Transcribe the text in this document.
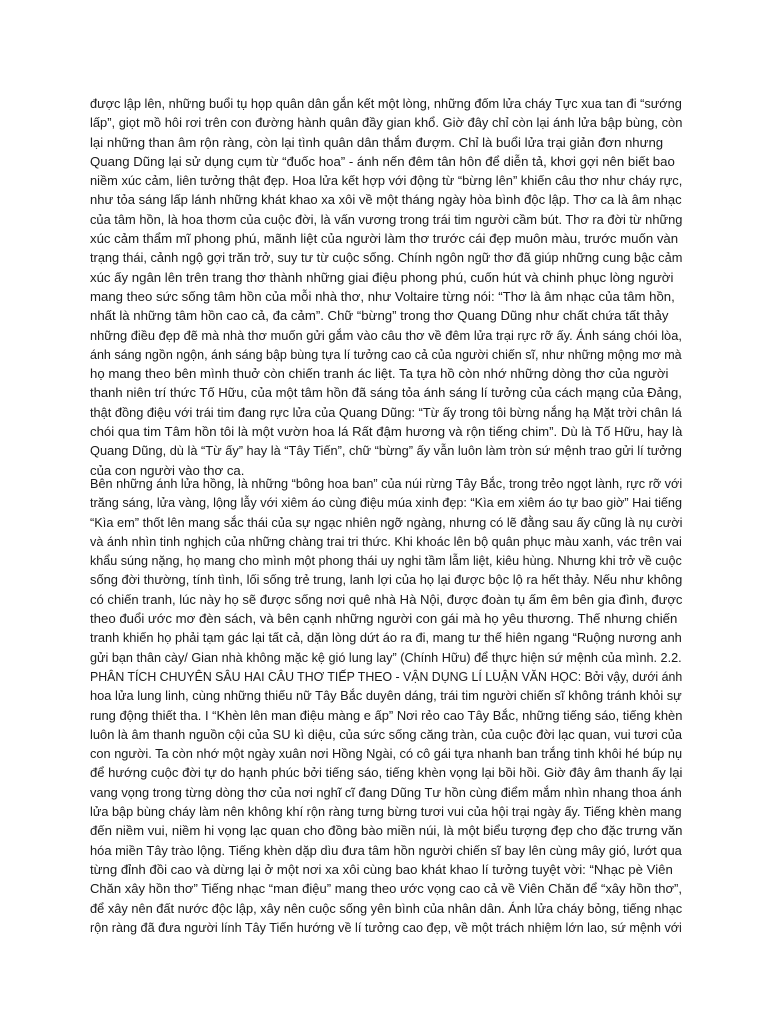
được lập lên, những buổi tụ họp quân dân gắn kết một lòng, những đốm lửa cháy Tực xua tan đi “sướng
lấp”, giọt mồ hôi rơi trên con đường hành quân đầy gian khổ. Giờ đây chỉ còn lại ánh lửa bập bùng, còn
lại những than âm rộn ràng, còn lại tình quân dân thắm đượm. Chỉ là buổi lửa trại giản đơn nhưng
Quang Dũng lại sử dụng cụm từ “đuốc hoa” - ánh nến đêm tân hôn để diễn tả, khơi gợi nên biết bao
niềm xúc cảm, liên tưởng thật đẹp. Hoa lửa kết hợp với động từ “bừng lên” khiến câu thơ như cháy rực,
như tỏa sáng lấp lánh những khát khao xa xôi về một tháng ngày hòa bình độc lập. Thơ ca là âm nhạc
của tâm hồn, là hoa thơm của cuộc đời, là vấn vương trong trái tim người cầm bút. Thơ ra đời từ những
xúc cảm thẩm mĩ phong phú, mãnh liệt của người làm thơ trước cái đẹp muôn màu, trước muốn vàn
trạng thái, cảnh ngộ gợi trăn trở, suy tư từ cuộc sống. Chính ngôn ngữ thơ đã giúp những cung bậc cảm
xúc ấy ngân lên trên trang thơ thành những giai điệu phong phú, cuốn hút và chinh phục lòng người
mang theo sức sống tâm hồn của mỗi nhà thơ, như Voltaire từng nói: “Thơ là âm nhạc của tâm hồn,
nhất là những tâm hồn cao cả, đa cảm”. Chữ “bừng” trong thơ Quang Dũng như chất chứa tất thảy
những điều đẹp đẽ mà nhà thơ muốn gửi gắm vào câu thơ về đêm lửa trại rực rỡ ấy. Ánh sáng chói lòa,
ánh sáng ngồn ngộn, ánh sáng bập bùng tựa lí tưởng cao cả của người chiến sĩ, như những mộng mơ mà
họ mang theo bên mình thuở còn chiến tranh ác liệt. Ta tựa hồ còn nhớ những dòng thơ của người
thanh niên trí thức Tố Hữu, của một tâm hồn đã sáng tỏa ánh sáng lí tưởng của cách mạng của Đảng,
thật đồng điệu với trái tim đang rực lửa của Quang Dũng: “Từ ấy trong tôi bừng nắng hạ Mặt trời chân lá
chói qua tim Tâm hồn tôi là một vườn hoa lá Rất đậm hương và rộn tiếng chim”. Dù là Tố Hữu, hay là
Quang Dũng, dù là “Từ ấy” hay là “Tây Tiến”, chữ “bừng” ấy vẫn luôn làm tròn sứ mệnh trao gửi lí tưởng
của con người vào thơ ca.
Bên những ánh lửa hồng, là những “bông hoa ban” của núi rừng Tây Bắc, trong trẻo ngọt lành, rực rỡ với
trăng sáng, lửa vàng, lộng lẫy với xiêm áo cùng điệu múa xinh đẹp: “Kìa em xiêm áo tự bao giờ” Hai tiếng
“Kìa em” thốt lên mang sắc thái của sự ngạc nhiên ngỡ ngàng, nhưng có lẽ đằng sau ấy cũng là nụ cười
và ánh nhìn tinh nghịch của những chàng trai tri thức. Khi khoác lên bộ quân phục màu xanh, vác trên vai
khẩu súng nặng, họ mang cho mình một phong thái uy nghi tầm lẫm liệt, kiêu hùng. Nhưng khi trở về cuộc
sống đời thường, tính tình, lối sống trẻ trung, lanh lợi của họ lại được bộc lộ ra hết thảy. Nếu như không
có chiến tranh, lúc này họ sẽ được sống nơi quê nhà Hà Nội, được đoàn tụ ấm êm bên gia đình, được
theo đuổi ước mơ đèn sách, và bên cạnh những người con gái mà họ yêu thương. Thế nhưng chiến
tranh khiến họ phải tạm gác lại tất cả, dặn lòng dứt áo ra đi, mang tư thế hiên ngang “Ruộng nương anh
gửi bạn thân cày/ Gian nhà không mặc kệ gió lung lay” (Chính Hữu) để thực hiện sứ mệnh của mình. 2.2.
PHÂN TÍCH CHUYÊN SÂU HAI CÂU THƠ TIẾP THEO - VẬN DỤNG LÍ LUẬN VĂN HỌC: Bởi vậy, dưới ánh
hoa lửa lung linh, cùng những thiếu nữ Tây Bắc duyên dáng, trái tim người chiến sĩ không tránh khỏi sự
rung động thiết tha. I “Khèn lên man điệu màng e ấp” Nơi rẻo cao Tây Bắc, những tiếng sáo, tiếng khèn
luôn là âm thanh nguồn cội của SU kì diệu, của sức sống căng tràn, của cuộc đời lạc quan, vui tươi của
con người. Ta còn nhớ một ngày xuân nơi Hồng Ngài, có cô gái tựa nhanh ban trắng tinh khôi hé búp nụ
để hướng cuộc đời tự do hạnh phúc bởi tiếng sáo, tiếng khèn vọng lại bồi hồi. Giờ đây âm thanh ấy lại
vang vọng trong từng dòng thơ của nơi nghĩ cĩ đang Dũng Tư hồn cùng điểm mắm nhìn nhang thoa ánh
lửa bập bùng cháy làm nên không khí rộn ràng tưng bừng tươi vui của hội trại ngày ấy. Tiếng khèn mang
đến niềm vui, niềm hi vọng lạc quan cho đồng bào miền núi, là một biểu tượng đẹp cho đặc trưng văn
hóa miền Tây trào lộng. Tiếng khèn dặp dìu đưa tâm hồn người chiến sĩ bay lên cùng mây gió, lướt qua
từng đỉnh đồi cao và dừng lại ở một nơi xa xôi cùng bao khát khao lí tưởng tuyệt vời: “Nhạc pè Viên
Chăn xây hồn thơ” Tiếng nhạc “man điệu” mang theo ước vọng cao cả về Viên Chăn để “xây hồn thơ”,
để xây nên đất nước độc lập, xây nên cuộc sống yên bình của nhân dân. Ánh lửa cháy bỏng, tiếng nhạc
rộn ràng đã đưa người lính Tây Tiến hướng về lí tưởng cao đẹp, về một trách nhiệm lớn lao, sứ mệnh với
